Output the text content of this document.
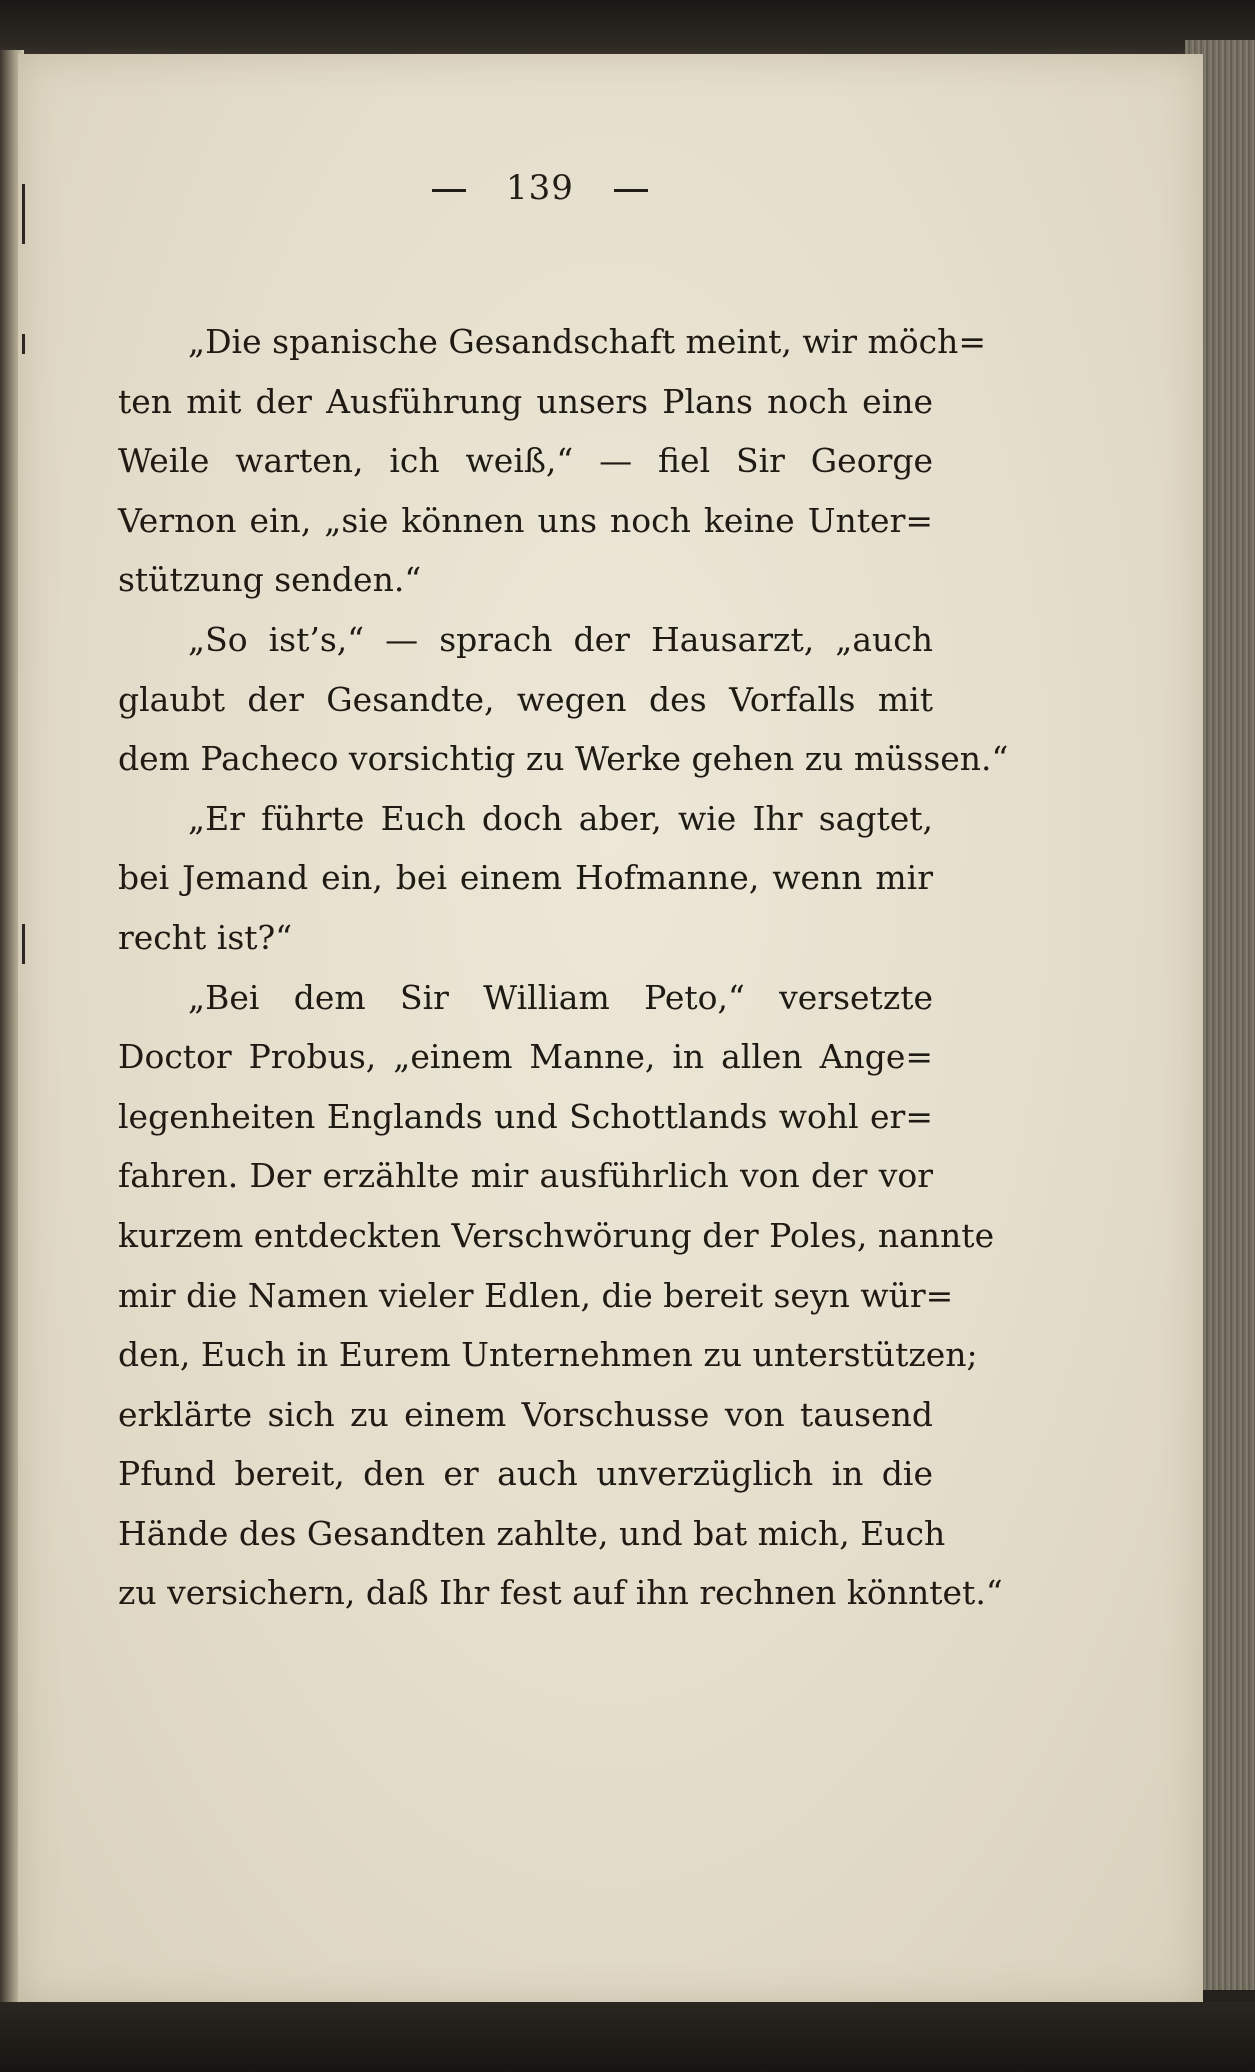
139
„Die spanische Gesandschaft meint, wir möch=
ten mit der Ausführung unsers Plans noch eine
Weile warten, ich weiß,“ — fiel Sir George
Vernon ein, „sie können uns noch keine Unter=
stützung senden.“
„So ist’s,“ — sprach der Hausarzt, „auch
glaubt der Gesandte, wegen des Vorfalls mit
dem Pacheco vorsichtig zu Werke gehen zu müssen.“
„Er führte Euch doch aber, wie Ihr sagtet,
bei Jemand ein, bei einem Hofmanne, wenn mir
recht ist?“
„Bei dem Sir William Peto,“ versetzte
Doctor Probus, „einem Manne, in allen Ange=
legenheiten Englands und Schottlands wohl er=
fahren. Der erzählte mir ausführlich von der vor
kurzem entdeckten Verschwörung der Poles, nannte
mir die Namen vieler Edlen, die bereit seyn wür=
den, Euch in Eurem Unternehmen zu unterstützen;
erklärte sich zu einem Vorschusse von tausend
Pfund bereit, den er auch unverzüglich in die
Hände des Gesandten zahlte, und bat mich, Euch
zu versichern, daß Ihr fest auf ihn rechnen könntet.“
